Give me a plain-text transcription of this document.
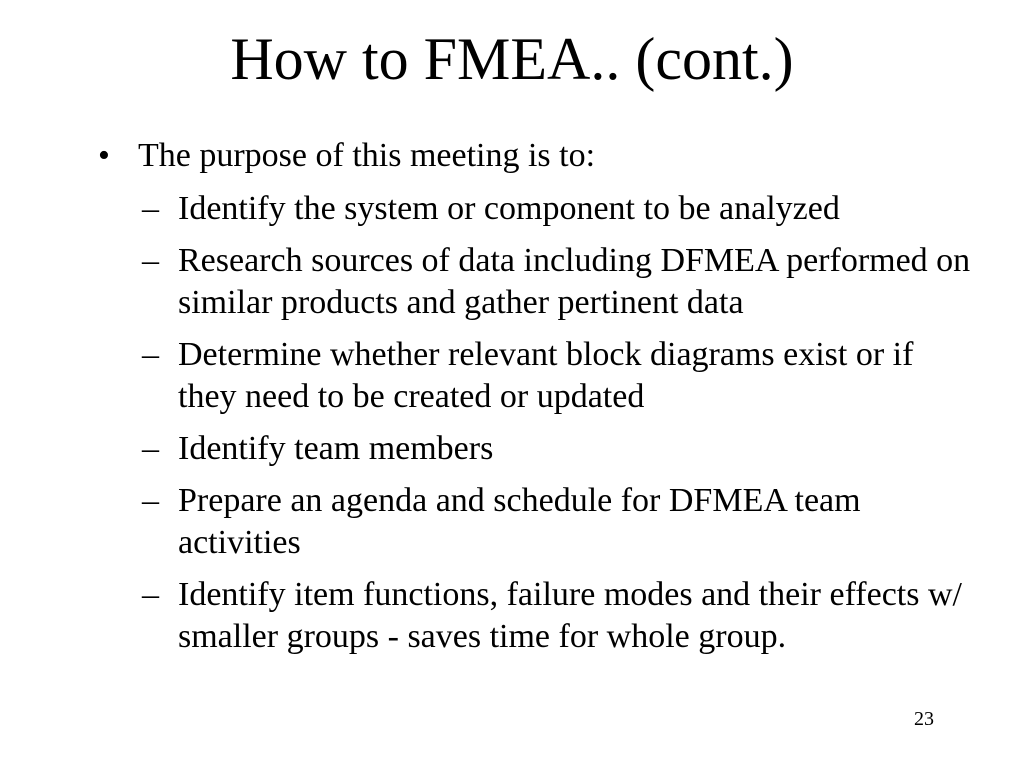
How to FMEA.. (cont.)
• The purpose of this meeting is to:
– Identify the system or component to be analyzed
– Research sources of data including DFMEA performed on similar products and gather pertinent data
– Determine whether relevant block diagrams exist or if they need to be created or updated
– Identify team members
– Prepare an agenda and schedule for DFMEA team activities
– Identify item functions, failure modes and their effects w/ smaller groups - saves time for whole group.
23
